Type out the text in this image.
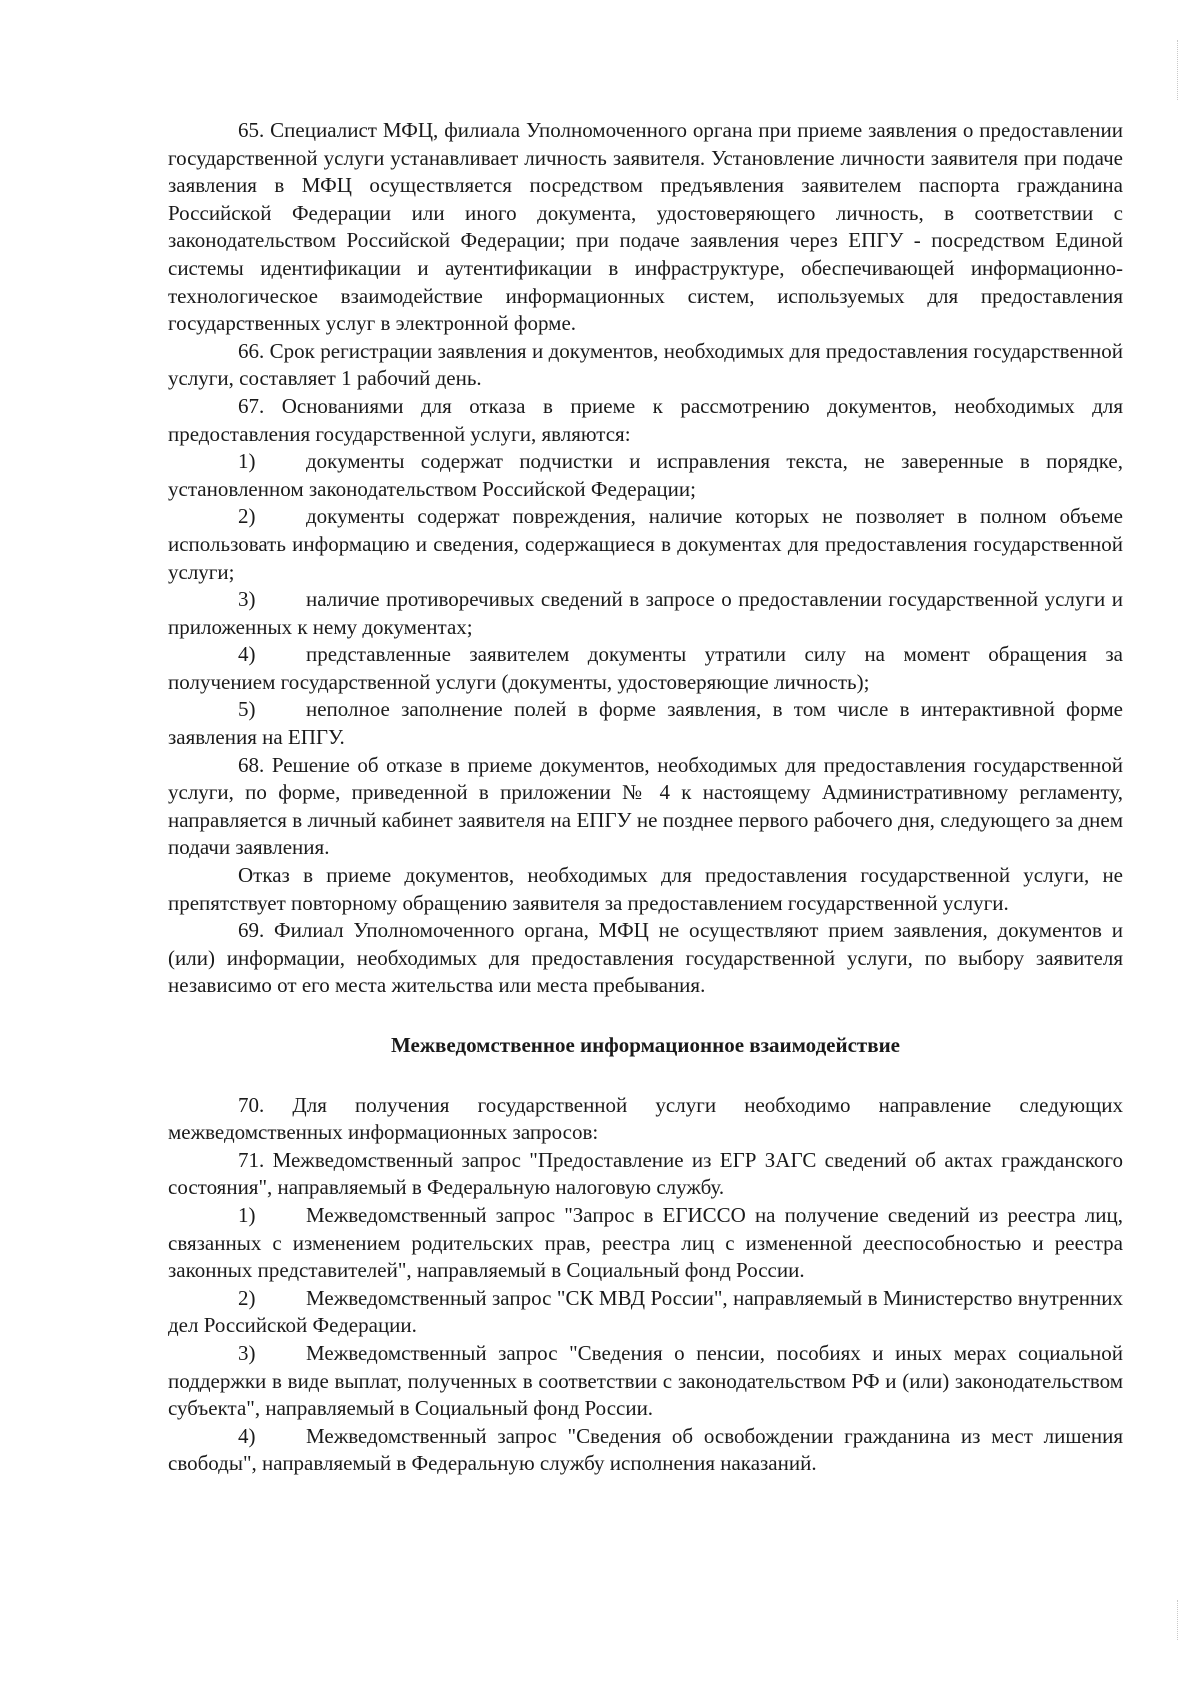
65. Специалист МФЦ, филиала Уполномоченного органа при приеме заявления о предоставлении государственной услуги устанавливает личность заявителя. Установление личности заявителя при подаче заявления в МФЦ осуществляется посредством предъявления заявителем паспорта гражданина Российской Федерации или иного документа, удостоверяющего личность, в соответствии с законодательством Российской Федерации; при подаче заявления через ЕПГУ - посредством Единой системы идентификации и аутентификации в инфраструктуре, обеспечивающей информационно-технологическое взаимодействие информационных систем, используемых для предоставления государственных услуг в электронной форме.

66. Срок регистрации заявления и документов, необходимых для предоставления государственной услуги, составляет 1 рабочий день.

67. Основаниями для отказа в приеме к рассмотрению документов, необходимых для предоставления государственной услуги, являются:

1) документы содержат подчистки и исправления текста, не заверенные в порядке, установленном законодательством Российской Федерации;

2) документы содержат повреждения, наличие которых не позволяет в полном объеме использовать информацию и сведения, содержащиеся в документах для предоставления государственной услуги;

3) наличие противоречивых сведений в запросе о предоставлении государственной услуги и приложенных к нему документах;

4) представленные заявителем документы утратили силу на момент обращения за получением государственной услуги (документы, удостоверяющие личность);

5) неполное заполнение полей в форме заявления, в том числе в интерактивной форме заявления на ЕПГУ.

68. Решение об отказе в приеме документов, необходимых для предоставления государственной услуги, по форме, приведенной в приложении № 4 к настоящему Административному регламенту, направляется в личный кабинет заявителя на ЕПГУ не позднее первого рабочего дня, следующего за днем подачи заявления.

Отказ в приеме документов, необходимых для предоставления государственной услуги, не препятствует повторному обращению заявителя за предоставлением государственной услуги.

69. Филиал Уполномоченного органа, МФЦ не осуществляют прием заявления, документов и (или) информации, необходимых для предоставления государственной услуги, по выбору заявителя независимо от его места жительства или места пребывания.

Межведомственное информационное взаимодействие

70. Для получения государственной услуги необходимо направление следующих межведомственных информационных запросов:

71. Межведомственный запрос "Предоставление из ЕГР ЗАГС сведений об актах гражданского состояния", направляемый в Федеральную налоговую службу.

1) Межведомственный запрос "Запрос в ЕГИССО на получение сведений из реестра лиц, связанных с изменением родительских прав, реестра лиц с измененной дееспособностью и реестра законных представителей", направляемый в Социальный фонд России.

2) Межведомственный запрос "СК МВД России", направляемый в Министерство внутренних дел Российской Федерации.

3) Межведомственный запрос "Сведения о пенсии, пособиях и иных мерах социальной поддержки в виде выплат, полученных в соответствии с законодательством РФ и (или) законодательством субъекта", направляемый в Социальный фонд России.

4) Межведомственный запрос "Сведения об освобождении гражданина из мест лишения свободы", направляемый в Федеральную службу исполнения наказаний.
